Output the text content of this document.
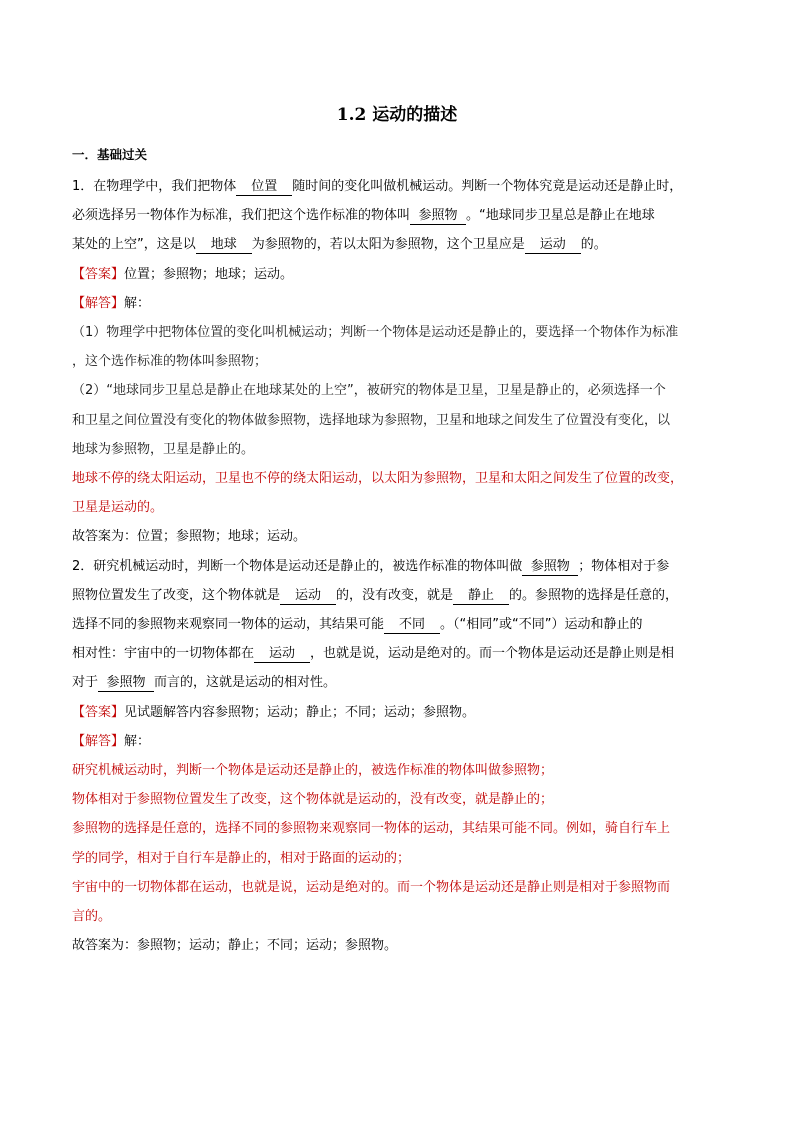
1.2 运动的描述
一．基础过关

1．在物理学中，我们把物体 位置 随时间的变化叫做机械运动。判断一个物体究竟是运动还是静止时，

必须选择另一物体作为标准，我们把这个选作标准的物体叫 参照物 。“地球同步卫星总是静止在地球

某处的上空”，这是以 地球 为参照物的，若以太阳为参照物，这个卫星应是 运动 的。

【答案】位置；参照物；地球；运动。

【解答】解：

（1）物理学中把物体位置的变化叫机械运动；判断一个物体是运动还是静止的，要选择一个物体作为标准

，这个选作标准的物体叫参照物；

（2）“地球同步卫星总是静止在地球某处的上空”，被研究的物体是卫星，卫星是静止的，必须选择一个

和卫星之间位置没有变化的物体做参照物，选择地球为参照物，卫星和地球之间发生了位置没有变化，以

地球为参照物，卫星是静止的。

地球不停的绕太阳运动，卫星也不停的绕太阳运动，以太阳为参照物，卫星和太阳之间发生了位置的改变，

卫星是运动的。

故答案为：位置；参照物；地球；运动。

2．研究机械运动时，判断一个物体是运动还是静止的，被选作标准的物体叫做 参照物 ；物体相对于参

照物位置发生了改变，这个物体就是 运动 的，没有改变，就是 静止 的。参照物的选择是任意的，

选择不同的参照物来观察同一物体的运动，其结果可能 不同 。（“相同”或“不同”）运动和静止的

相对性：宇宙中的一切物体都在 运动 ，也就是说，运动是绝对的。而一个物体是运动还是静止则是相

对于 参照物 而言的，这就是运动的相对性。

【答案】见试题解答内容参照物；运动；静止；不同；运动；参照物。

【解答】解：

研究机械运动时，判断一个物体是运动还是静止的，被选作标准的物体叫做参照物；

物体相对于参照物位置发生了改变，这个物体就是运动的，没有改变，就是静止的；

参照物的选择是任意的，选择不同的参照物来观察同一物体的运动，其结果可能不同。例如，骑自行车上

学的同学，相对于自行车是静止的，相对于路面的运动的；

宇宙中的一切物体都在运动，也就是说，运动是绝对的。而一个物体是运动还是静止则是相对于参照物而

言的。

故答案为：参照物；运动；静止；不同；运动；参照物。
